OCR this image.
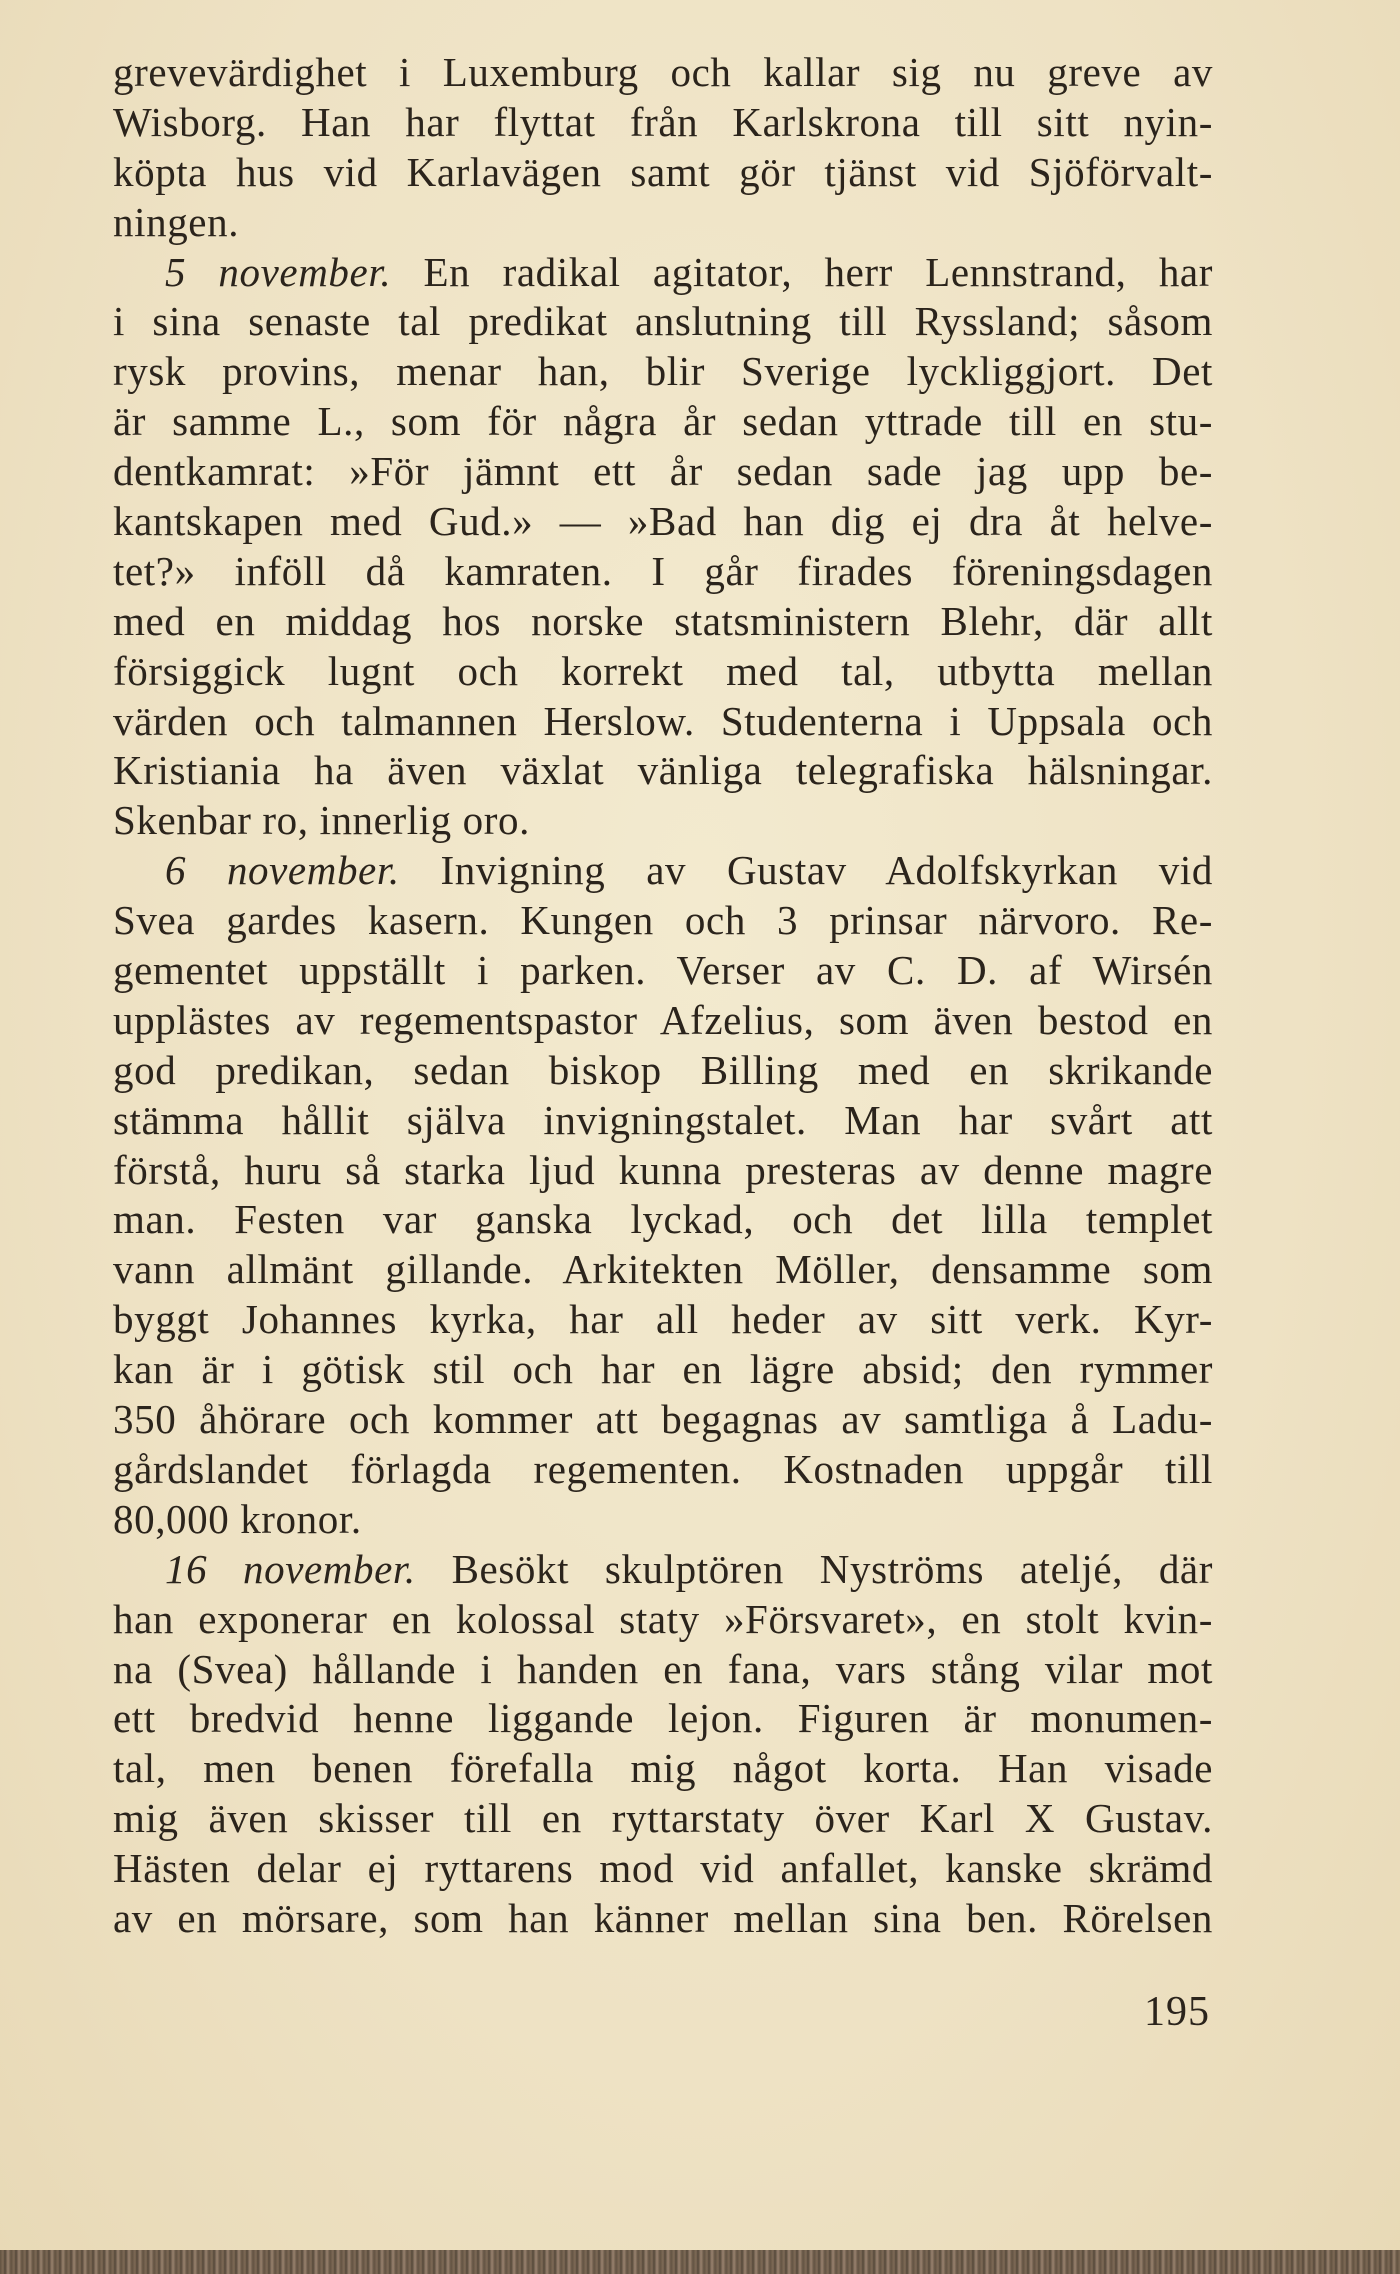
grevevärdighet i Luxemburg och kallar sig nu greve av
Wisborg. Han har flyttat från Karlskrona till sitt nyin-
köpta hus vid Karlavägen samt gör tjänst vid Sjöförvalt-
ningen.
5 november. En radikal agitator, herr Lennstrand, har
i sina senaste tal predikat anslutning till Ryssland; såsom
rysk provins, menar han, blir Sverige lyckliggjort. Det
är samme L., som för några år sedan yttrade till en stu-
dentkamrat: »För jämnt ett år sedan sade jag upp be-
kantskapen med Gud.» — »Bad han dig ej dra åt helve-
tet?» inföll då kamraten. I går firades föreningsdagen
med en middag hos norske statsministern Blehr, där allt
försiggick lugnt och korrekt med tal, utbytta mellan
värden och talmannen Herslow. Studenterna i Uppsala och
Kristiania ha även växlat vänliga telegrafiska hälsningar.
Skenbar ro, innerlig oro.
6 november. Invigning av Gustav Adolfskyrkan vid
Svea gardes kasern. Kungen och 3 prinsar närvoro. Re-
gementet uppställt i parken. Verser av C. D. af Wirsén
upplästes av regementspastor Afzelius, som även bestod en
god predikan, sedan biskop Billing med en skrikande
stämma hållit själva invigningstalet. Man har svårt att
förstå, huru så starka ljud kunna presteras av denne magre
man. Festen var ganska lyckad, och det lilla templet
vann allmänt gillande. Arkitekten Möller, densamme som
byggt Johannes kyrka, har all heder av sitt verk. Kyr-
kan är i götisk stil och har en lägre absid; den rymmer
350 åhörare och kommer att begagnas av samtliga å Ladu-
gårdslandet förlagda regementen. Kostnaden uppgår till
80,000 kronor.
16 november. Besökt skulptören Nyströms ateljé, där
han exponerar en kolossal staty »Försvaret», en stolt kvin-
na (Svea) hållande i handen en fana, vars stång vilar mot
ett bredvid henne liggande lejon. Figuren är monumen-
tal, men benen förefalla mig något korta. Han visade
mig även skisser till en ryttarstaty över Karl X Gustav.
Hästen delar ej ryttarens mod vid anfallet, kanske skrämd
av en mörsare, som han känner mellan sina ben. Rörelsen
195
